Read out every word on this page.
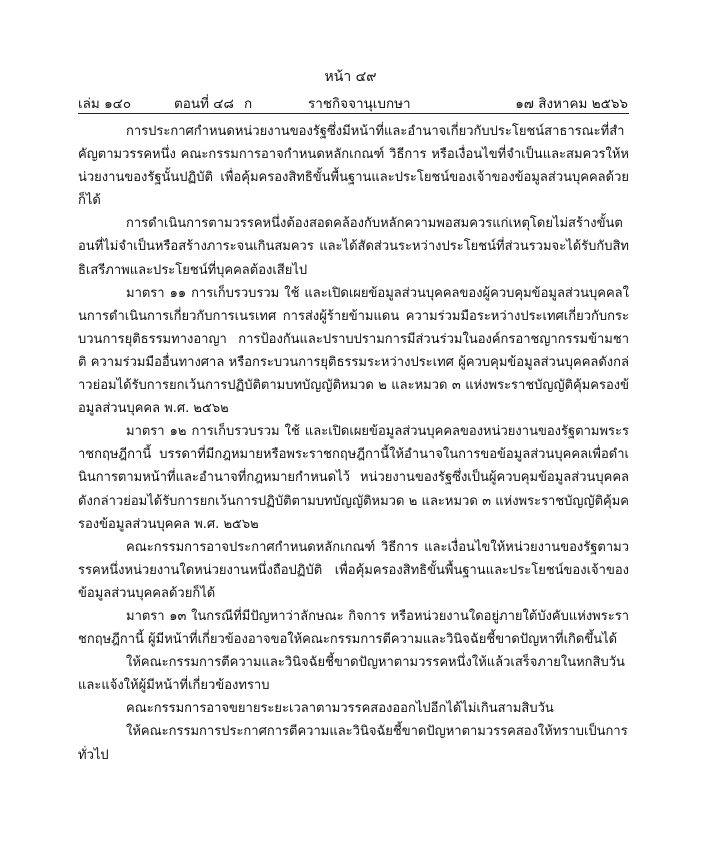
หน้า ๔๙
เล่ม ๑๔๐	ตอนที่ ๔๘ ก	ราชกิจจานุเบกษา	๑๗ สิงหาคม ๒๕๖๖

การประกาศกำหนดหน่วยงานของรัฐซึ่งมีหน้าที่และอำนาจเกี่ยวกับประโยชน์สาธารณะที่สำคัญตามวรรคหนึ่ง คณะกรรมการอาจกำหนดหลักเกณฑ์ วิธีการ หรือเงื่อนไขที่จำเป็นและสมควรให้หน่วยงานของรัฐนั้นปฏิบัติ เพื่อคุ้มครองสิทธิขั้นพื้นฐานและประโยชน์ของเจ้าของข้อมูลส่วนบุคคลด้วยก็ได้

การดำเนินการตามวรรคหนึ่งต้องสอดคล้องกับหลักความพอสมควรแก่เหตุโดยไม่สร้างขั้นตอนที่ไม่จำเป็นหรือสร้างภาระจนเกินสมควร และได้สัดส่วนระหว่างประโยชน์ที่ส่วนรวมจะได้รับกับสิทธิเสรีภาพและประโยชน์ที่บุคคลต้องเสียไป

มาตรา ๑๑ การเก็บรวบรวม ใช้ และเปิดเผยข้อมูลส่วนบุคคลของผู้ควบคุมข้อมูลส่วนบุคคลในการดำเนินการเกี่ยวกับการเนรเทศ การส่งผู้ร้ายข้ามแดน ความร่วมมือระหว่างประเทศเกี่ยวกับกระบวนการยุติธรรมทางอาญา การป้องกันและปราบปรามการมีส่วนร่วมในองค์กรอาชญากรรมข้ามชาติ ความร่วมมืออื่นทางศาล หรือกระบวนการยุติธรรมระหว่างประเทศ ผู้ควบคุมข้อมูลส่วนบุคคลดังกล่าวย่อมได้รับการยกเว้นการปฏิบัติตามบทบัญญัติหมวด ๒ และหมวด ๓ แห่งพระราชบัญญัติคุ้มครองข้อมูลส่วนบุคคล พ.ศ. ๒๕๖๒

มาตรา ๑๒ การเก็บรวบรวม ใช้ และเปิดเผยข้อมูลส่วนบุคคลของหน่วยงานของรัฐตามพระราชกฤษฎีกานี้ บรรดาที่มีกฎหมายหรือพระราชกฤษฎีกานี้ให้อำนาจในการขอข้อมูลส่วนบุคคลเพื่อดำเนินการตามหน้าที่และอำนาจที่กฎหมายกำหนดไว้ หน่วยงานของรัฐซึ่งเป็นผู้ควบคุมข้อมูลส่วนบุคคลดังกล่าวย่อมได้รับการยกเว้นการปฏิบัติตามบทบัญญัติหมวด ๒ และหมวด ๓ แห่งพระราชบัญญัติคุ้มครองข้อมูลส่วนบุคคล พ.ศ. ๒๕๖๒

คณะกรรมการอาจประกาศกำหนดหลักเกณฑ์ วิธีการ และเงื่อนไขให้หน่วยงานของรัฐตามวรรคหนึ่งหน่วยงานใดหน่วยงานหนึ่งถือปฏิบัติ เพื่อคุ้มครองสิทธิขั้นพื้นฐานและประโยชน์ของเจ้าของข้อมูลส่วนบุคคลด้วยก็ได้

มาตรา ๑๓ ในกรณีที่มีปัญหาว่าลักษณะ กิจการ หรือหน่วยงานใดอยู่ภายใต้บังคับแห่งพระราชกฤษฎีกานี้ ผู้มีหน้าที่เกี่ยวข้องอาจขอให้คณะกรรมการตีความและวินิจฉัยชี้ขาดปัญหาที่เกิดขึ้นได้

ให้คณะกรรมการตีความและวินิจฉัยชี้ขาดปัญหาตามวรรคหนึ่งให้แล้วเสร็จภายในหกสิบวันและแจ้งให้ผู้มีหน้าที่เกี่ยวข้องทราบ

คณะกรรมการอาจขยายระยะเวลาตามวรรคสองออกไปอีกได้ไม่เกินสามสิบวัน

ให้คณะกรรมการประกาศการตีความและวินิจฉัยชี้ขาดปัญหาตามวรรคสองให้ทราบเป็นการทั่วไป
